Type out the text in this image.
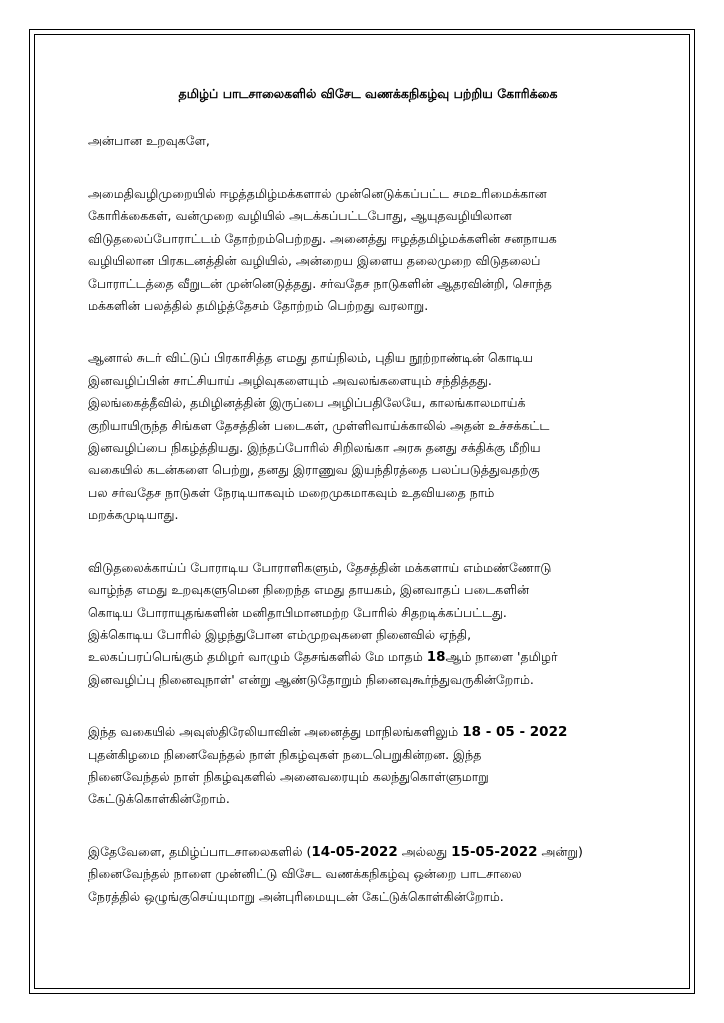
தமிழ்ப் பாடசாலைகளில் விசேட வணக்கநிகழ்வு பற்றிய கோரிக்கை
அன்பான உறவுகளே,
அமைதிவழிமுறையில் ஈழத்தமிழ்மக்களால் முன்னெடுக்கப்பட்ட சமஉரிமைக்கான
கோரிக்கைகள், வன்முறை வழியில் அடக்கப்பட்டபோது, ஆயுதவழியிலான
விடுதலைப்போராட்டம் தோற்றம்பெற்றது. அனைத்து ஈழத்தமிழ்மக்களின் சனநாயக
வழியிலான பிரகடனத்தின் வழியில், அன்றைய இளைய தலைமுறை விடுதலைப்
போராட்டத்தை வீறுடன் முன்னெடுத்தது. சர்வதேச நாடுகளின் ஆதரவின்றி, சொந்த
மக்களின் பலத்தில் தமிழ்த்தேசம் தோற்றம் பெற்றது வரலாறு.
ஆனால் சுடர் விட்டுப் பிரகாசித்த எமது தாய்நிலம், புதிய நூற்றாண்டின் கொடிய
இனவழிப்பின் சாட்சியாய் அழிவுகளையும் அவலங்களையும் சந்தித்தது.
இலங்கைத்தீவில், தமிழினத்தின் இருப்பை அழிப்பதிலேயே, காலங்காலமாய்க்
குறியாயிருந்த சிங்கள தேசத்தின் படைகள், முள்ளிவாய்க்காலில் அதன் உச்சக்கட்ட
இனவழிப்பை நிகழ்த்தியது. இந்தப்போரில் சிறிலங்கா அரசு தனது சக்திக்கு மீறிய
வகையில் கடன்களை பெற்று, தனது இராணுவ இயந்திரத்தை பலப்படுத்துவதற்கு
பல சர்வதேச நாடுகள் நேரடியாகவும் மறைமுகமாகவும் உதவியதை நாம்
மறக்கமுடியாது.
விடுதலைக்காய்ப் போராடிய போராளிகளும், தேசத்தின் மக்களாய் எம்மண்ணோடு
வாழ்ந்த எமது உறவுகளுமென நிறைந்த எமது தாயகம், இனவாதப் படைகளின்
கொடிய போராயுதங்களின் மனிதாபிமானமற்ற போரில் சிதறடிக்கப்பட்டது.
இக்கொடிய போரில் இழந்துபோன எம்முறவுகளை நினைவில் ஏந்தி,
உலகப்பரப்பெங்கும் தமிழர் வாழும் தேசங்களில் மே மாதம் 18ஆம் நாளை 'தமிழர்
இனவழிப்பு நினைவுநாள்' என்று ஆண்டுதோறும் நினைவுகூர்ந்துவருகின்றோம்.
இந்த வகையில் அவுஸ்திரேலியாவின் அனைத்து மாநிலங்களிலும் 18 - 05 - 2022
புதன்கிழமை நினைவேந்தல் நாள் நிகழ்வுகள் நடைபெறுகின்றன. இந்த
நினைவேந்தல் நாள் நிகழ்வுகளில் அனைவரையும் கலந்துகொள்ளுமாறு
கேட்டுக்கொள்கின்றோம்.
இதேவேளை, தமிழ்ப்பாடசாலைகளில் (14-05-2022 அல்லது 15-05-2022 அன்று)
நினைவேந்தல் நாளை முன்னிட்டு விசேட வணக்கநிகழ்வு ஒன்றை பாடசாலை
நேரத்தில் ஒழுங்குசெய்யுமாறு அன்புரிமையுடன் கேட்டுக்கொள்கின்றோம்.
